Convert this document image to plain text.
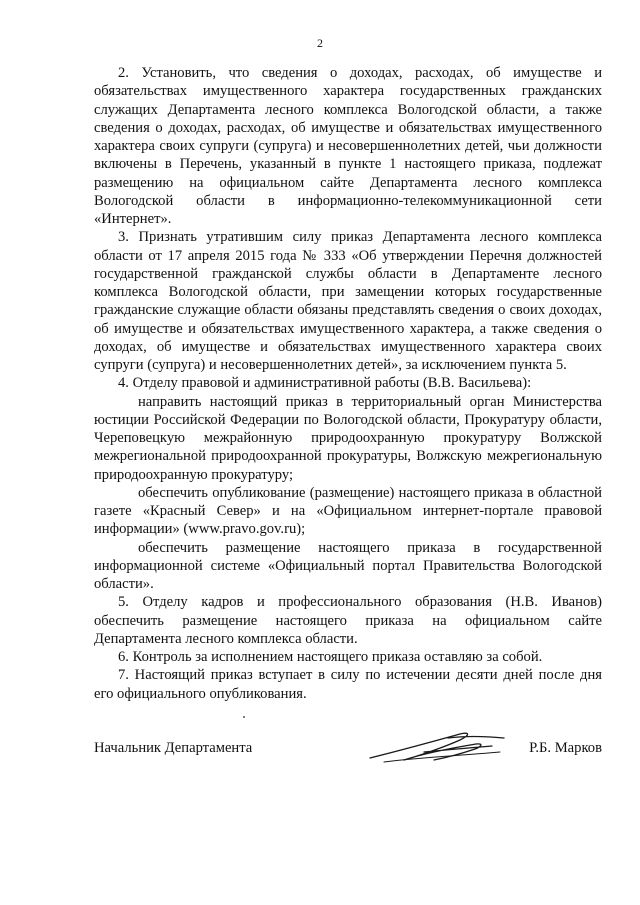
2

2. Установить, что сведения о доходах, расходах, об имуществе и обязательствах имущественного характера государственных гражданских служащих Департамента лесного комплекса Вологодской области, а также сведения о доходах, расходах, об имуществе и обязательствах имущественного характера своих супруги (супруга) и несовершеннолетних детей, чьи должности включены в Перечень, указанный в пункте 1 настоящего приказа, подлежат размещению на официальном сайте Департамента лесного комплекса Вологодской области в информационно-телекоммуникационной сети «Интернет».

3. Признать утратившим силу приказ Департамента лесного комплекса области от 17 апреля 2015 года № 333 «Об утверждении Перечня должностей государственной гражданской службы области в Департаменте лесного комплекса Вологодской области, при замещении которых государственные гражданские служащие области обязаны представлять сведения о своих доходах, об имуществе и обязательствах имущественного характера, а также сведения о доходах, об имуществе и обязательствах имущественного характера своих супруги (супруга) и несовершеннолетних детей», за исключением пункта 5.

4. Отделу правовой и административной работы (В.В. Васильева):

направить настоящий приказ в территориальный орган Министерства юстиции Российской Федерации по Вологодской области, Прокуратуру области, Череповецкую межрайонную природоохранную прокуратуру Волжской межрегиональной природоохранной прокуратуры, Волжскую межрегиональную природоохранную прокуратуру;

обеспечить опубликование (размещение) настоящего приказа в областной газете «Красный Север» и на «Официальном интернет-портале правовой информации» (www.pravo.gov.ru);

обеспечить размещение настоящего приказа в государственной информационной системе «Официальный портал Правительства Вологодской области».

5. Отделу кадров и профессионального образования (Н.В. Иванов) обеспечить размещение настоящего приказа на официальном сайте Департамента лесного комплекса области.

6. Контроль за исполнением настоящего приказа оставляю за собой.

7. Настоящий приказ вступает в силу по истечении десяти дней после дня его официального опубликования.

Начальник Департамента	Р.Б. Марков
